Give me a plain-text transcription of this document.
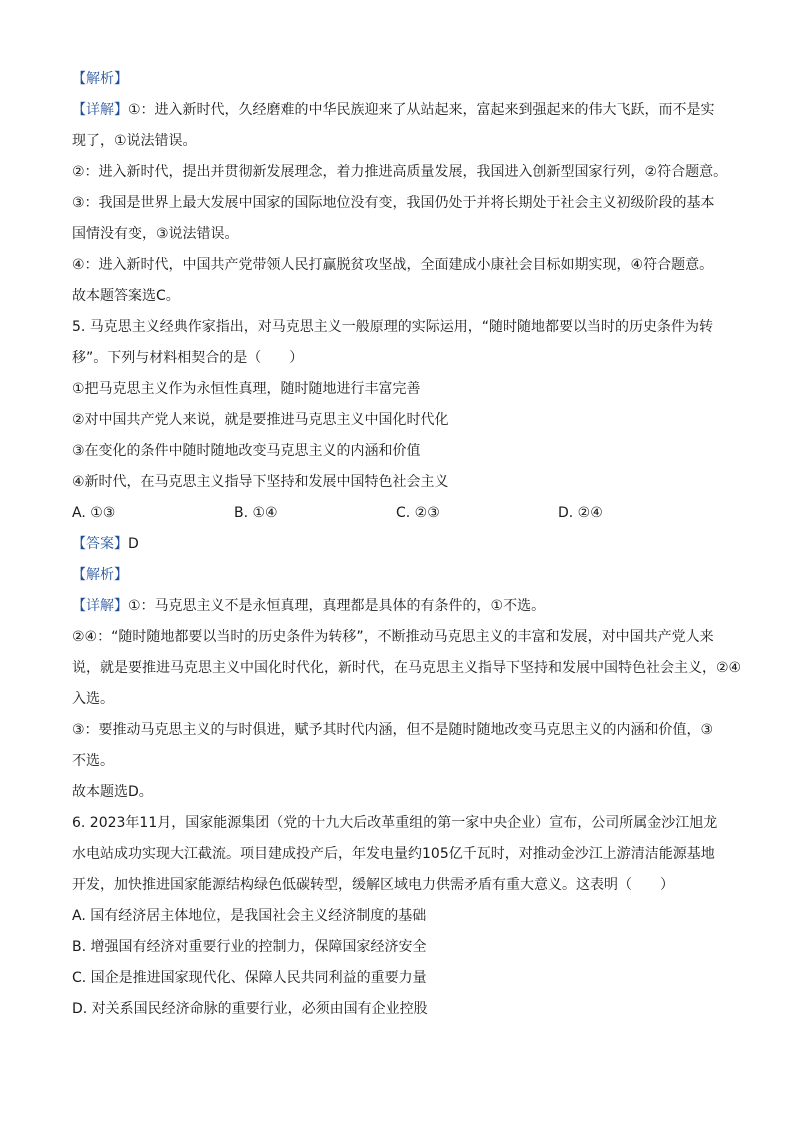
【解析】
【详解】①：进入新时代，久经磨难的中华民族迎来了从站起来，富起来到强起来的伟大飞跃，而不是实
现了，①说法错误。
②：进入新时代，提出并贯彻新发展理念，着力推进高质量发展，我国进入创新型国家行列，②符合题意。
③：我国是世界上最大发展中国家的国际地位没有变，我国仍处于并将长期处于社会主义初级阶段的基本
国情没有变，③说法错误。
④：进入新时代，中国共产党带领人民打赢脱贫攻坚战，全面建成小康社会目标如期实现，④符合题意。
故本题答案选C。
5. 马克思主义经典作家指出，对马克思主义一般原理的实际运用，“随时随地都要以当时的历史条件为转
移”。下列与材料相契合的是（　　）
①把马克思主义作为永恒性真理，随时随地进行丰富完善
②对中国共产党人来说，就是要推进马克思主义中国化时代化
③在变化的条件中随时随地改变马克思主义的内涵和价值
④新时代，在马克思主义指导下坚持和发展中国特色社会主义
A. ①③	B. ①④	C. ②③	D. ②④
【答案】D
【解析】
【详解】①：马克思主义不是永恒真理，真理都是具体的有条件的，①不选。
②④：“随时随地都要以当时的历史条件为转移”，不断推动马克思主义的丰富和发展，对中国共产党人来
说，就是要推进马克思主义中国化时代化，新时代，在马克思主义指导下坚持和发展中国特色社会主义，②④
入选。
③：要推动马克思主义的与时俱进，赋予其时代内涵，但不是随时随地改变马克思主义的内涵和价值，③
不选。
故本题选D。
6. 2023年11月，国家能源集团（党的十九大后改革重组的第一家中央企业）宣布，公司所属金沙江旭龙
水电站成功实现大江截流。项目建成投产后，年发电量约105亿千瓦时，对推动金沙江上游清洁能源基地
开发，加快推进国家能源结构绿色低碳转型，缓解区域电力供需矛盾有重大意义。这表明（　　）
A. 国有经济居主体地位，是我国社会主义经济制度的基础
B. 增强国有经济对重要行业的控制力，保障国家经济安全
C. 国企是推进国家现代化、保障人民共同利益的重要力量
D. 对关系国民经济命脉的重要行业，必须由国有企业控股
